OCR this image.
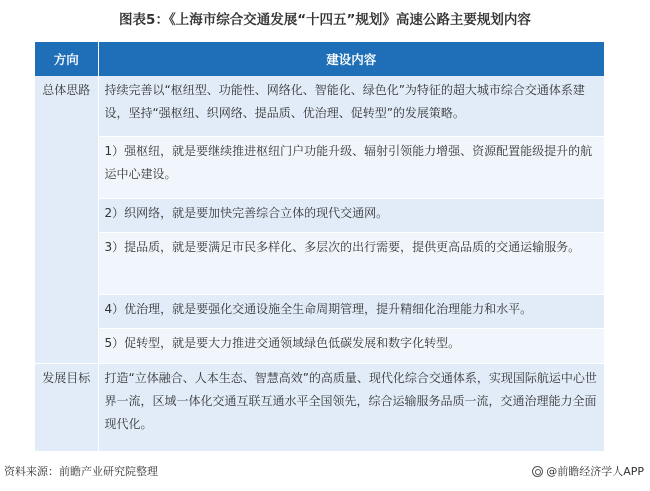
图表5：《上海市综合交通发展“十四五”规划》高速公路主要规划内容
方向	建设内容
总体思路	持续完善以“枢纽型、功能性、网络化、智能化、绿色化”为特征的超大城市综合交通体系建设，坚持“强枢纽、织网络、提品质、优治理、促转型”的发展策略。
	1）强枢纽，就是要继续推进枢纽门户功能升级、辐射引领能力增强、资源配置能级提升的航运中心建设。
	2）织网络，就是要加快完善综合立体的现代交通网。
	3）提品质，就是要满足市民多样化、多层次的出行需要，提供更高品质的交通运输服务。
	4）优治理，就是要强化交通设施全生命周期管理，提升精细化治理能力和水平。
	5）促转型，就是要大力推进交通领域绿色低碳发展和数字化转型。
发展目标	打造“立体融合、人本生态、智慧高效”的高质量、现代化综合交通体系，实现国际航运中心世界一流，区域一体化交通互联互通水平全国领先，综合运输服务品质一流，交通治理能力全面现代化。
资料来源：前瞻产业研究院整理	@前瞻经济学人APP
